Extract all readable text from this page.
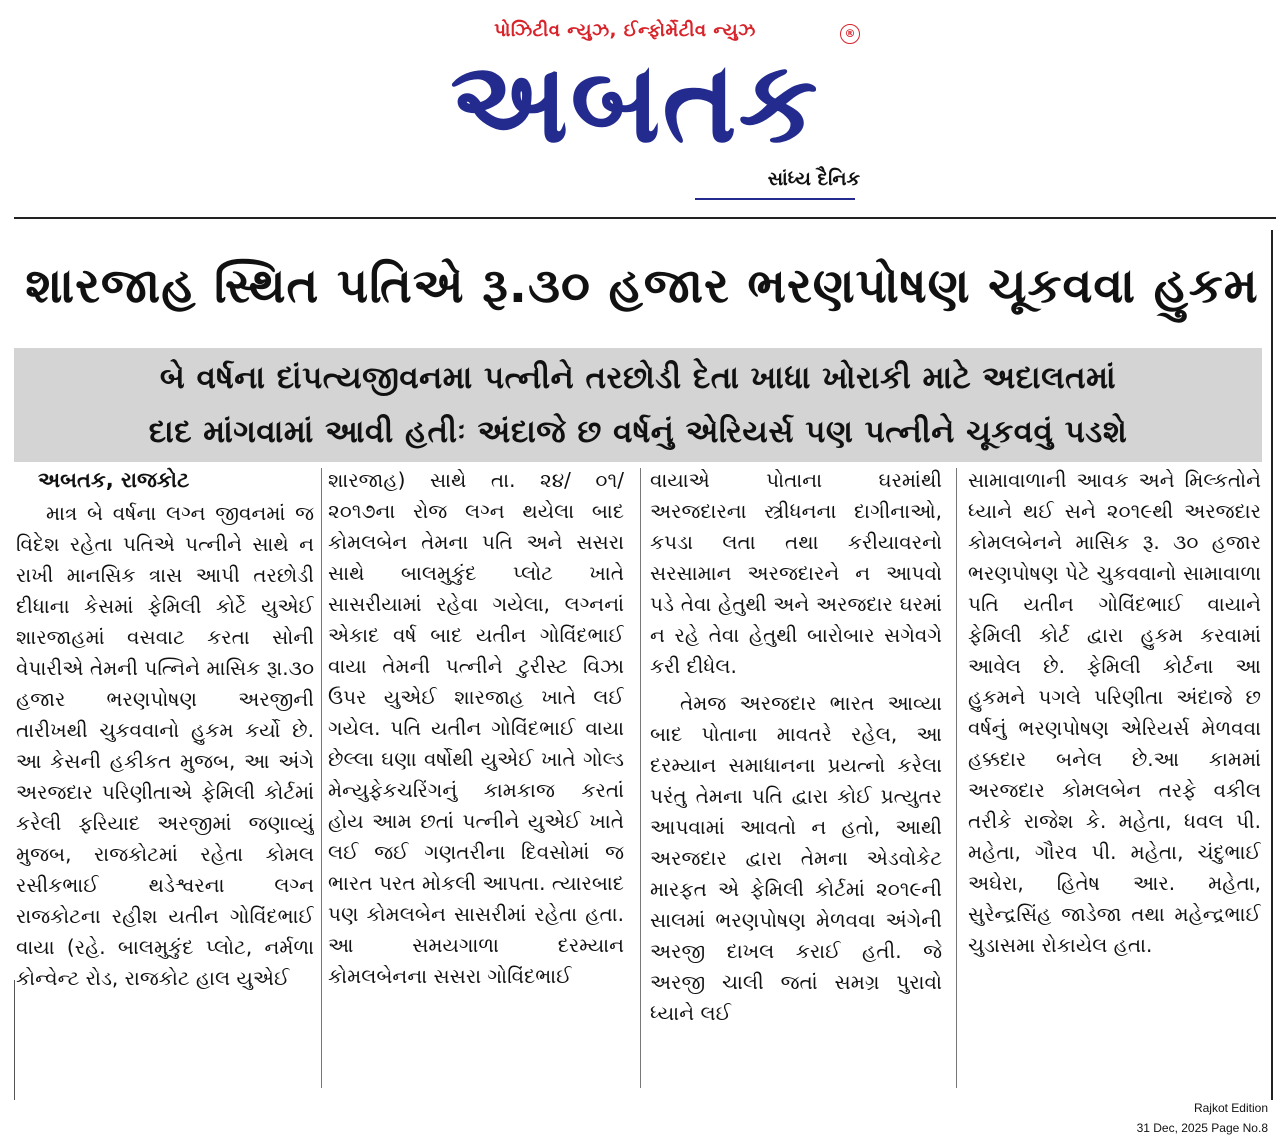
પોઝિટીવ ન્યુઝ, ઈન્ફોર્મેટીવ ન્યુઝ	®
અબતક
સાંધ્ય દૈનિક
શારજાહ સ્થિત પતિએ રૂ.૩૦ હજાર ભરણપોષણ ચૂકવવા હુકમ
બે વર્ષના દાંપત્યજીવનમા પત્નીને તરછોડી દેતા ખાધા ખોરાકી માટે અદાલતમાં
દાદ માંગવામાં આવી હતીઃ અંદાજે છ વર્ષનું એરિયર્સ પણ પત્નીને ચૂકવવું પડશે
અબતક, રાજકોટ

માત્ર બે વર્ષના લગ્ન જીવનમાં જ વિદેશ રહેતા પતિએ પત્નીને સાથે ન રાખી માનસિક ત્રાસ આપી તરછોડી દીધાના કેસમાં ફેમિલી કોર્ટે યુએઈ શારજાહમાં વસવાટ કરતા સોની વેપારીએ તેમની પત્નિને માસિક રૂા.૩૦ હજાર ભરણપોષણ અરજીની તારીખથી ચુકવવાનો હુકમ કર્યો છે. આ કેસની હકીકત મુજબ, આ અંગે અરજદાર પરિણીતાએ ફેમિલી કોર્ટમાં કરેલી ફરિયાદ અરજીમાં જણાવ્યું મુજબ, રાજકોટમાં રહેતા કોમલ રસીકભાઈ થડેશ્વરના લગ્ન રાજકોટના રહીશ યતીન ગોવિંદભાઈ વાયા (રહે. બાલમુકુંદ પ્લોટ, નર્મળા કોન્વેન્ટ રોડ, રાજકોટ હાલ યુએઈ

શારજાહ) સાથે તા. ૨૪/ ૦૧/ ૨૦૧૭ના રોજ લગ્ન થયેલા બાદ કોમલબેન તેમના પતિ અને સસરા સાથે બાલમુકુંદ પ્લોટ ખાતે સાસરીયામાં રહેવા ગયેલા, લગ્નનાં એકાદ વર્ષ બાદ યતીન ગોવિંદભાઈ વાયા તેમની પત્નીને ટુરીસ્ટ વિઝા ઉપર યુએઈ શારજાહ ખાતે લઈ ગયેલ. પતિ યતીન ગોવિંદભાઈ વાયા છેલ્લા ઘણા વર્ષોથી યુએઈ ખાતે ગોલ્ડ મેન્યુફેકચરિંગનું કામકાજ કરતાં હોય આમ છતાં પત્નીને યુએઈ ખાતે લઈ જઈ ગણતરીના દિવસોમાં જ ભારત પરત મોકલી આપતા. ત્યારબાદ પણ કોમલબેન સાસરીમાં રહેતા હતા. આ સમયગાળા દરમ્યાન કોમલબેનના સસરા ગોવિંદભાઈ

વાયાએ પોતાના ઘરમાંથી અરજદારના સ્ત્રીધનના દાગીનાઓ, કપડા લતા તથા કરીયાવરનો સરસામાન અરજદારને ન આપવો પડે તેવા હેતુથી અને અરજદાર ઘરમાં ન રહે તેવા હેતુથી બારોબાર સગેવગે કરી દીધેલ.

તેમજ અરજદાર ભારત આવ્યા બાદ પોતાના માવતરે રહેલ, આ દરમ્યાન સમાધાનના પ્રયત્નો કરેલા પરંતુ તેમના પતિ દ્વારા કોઈ પ્રત્યુતર આપવામાં આવતો ન હતો, આથી અરજદાર દ્વારા તેમના એડવોકેટ મારફત એ ફેમિલી કોર્ટમાં ૨૦૧૯ની સાલમાં ભરણપોષણ મેળવવા અંગેની અરજી દાખલ કરાઈ હતી. જે અરજી ચાલી જતાં સમગ્ર પુરાવો ધ્યાને લઈ

સામાવાળાની આવક અને મિલ્કતોને ધ્યાને થઈ સને ૨૦૧૯થી અરજદાર કોમલબેનને માસિક રૂ. ૩૦ હજાર ભરણપોષણ પેટે ચુકવવાનો સામાવાળા પતિ યતીન ગોવિંદભાઈ વાયાને ફેમિલી કોર્ટ દ્વારા હુકમ કરવામાં આવેલ છે. ફેમિલી કોર્ટના આ હુકમને પગલે પરિણીતા અંદાજે છ વર્ષનું ભરણપોષણ એરિયર્સ મેળવવા હક્કદાર બનેલ છે.આ કામમાં અરજદાર કોમલબેન તરફે વકીલ તરીકે રાજેશ કે. મહેતા, ધવલ પી. મહેતા, ગૌરવ પી. મહેતા, ચંદુભાઈ અઘેરા, હિતેષ આર. મહેતા, સુરેન્દ્રસિંહ જાડેજા તથા મહેન્દ્રભાઈ ચુડાસમા રોકાયેલ હતા.

Rajkot Edition
31 Dec, 2025 Page No.8
